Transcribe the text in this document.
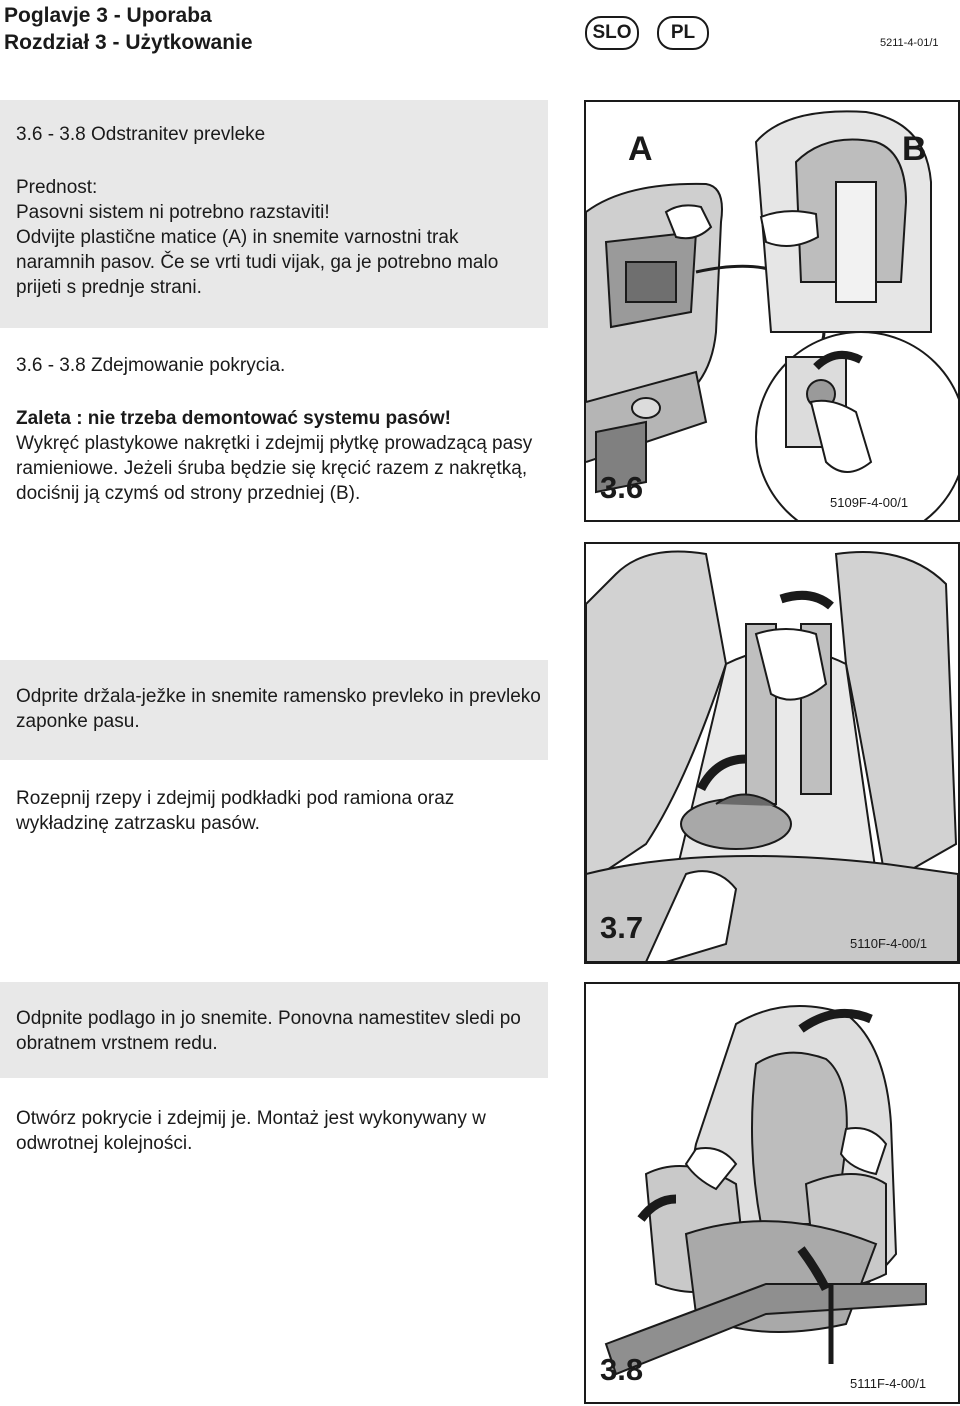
Poglavje 3 - Uporaba
Rozdział 3 - Użytkowanie	SLO	PL	5211-4-01/1

3.6 - 3.8 Odstranitev prevleke

Prednost:

Pasovni sistem ni potrebno razstaviti!

Odvijte plastične matice (A) in snemite varnostni trak naramnih pasov. Če se vrti tudi vijak, ga je potrebno malo prijeti s prednje strani.

3.6 - 3.8 Zdejmowanie pokrycia.

Zaleta : nie trzeba demontować systemu pasów!

Wykręć plastykowe nakrętki i zdejmij płytkę prowadzącą pasy ramieniowe. Jeżeli śruba będzie się kręcić razem z nakrętką, dociśnij ją czymś od strony przedniej (B).

A	B
3.6	5109F-4-00/1
Odprite držala-ježke in snemite ramensko prevleko in prevleko zaponke pasu.
Rozepnij rzepy i zdejmij podkładki pod ramiona oraz wykładzinę zatrzasku pasów.
3.7	5110F-4-00/1
Odpnite podlago in jo snemite. Ponovna namestitev sledi po obratnem vrstnem redu.
Otwórz pokrycie i zdejmij je. Montaż jest wykonywany w odwrotnej kolejności.
3.8	5111F-4-00/1
